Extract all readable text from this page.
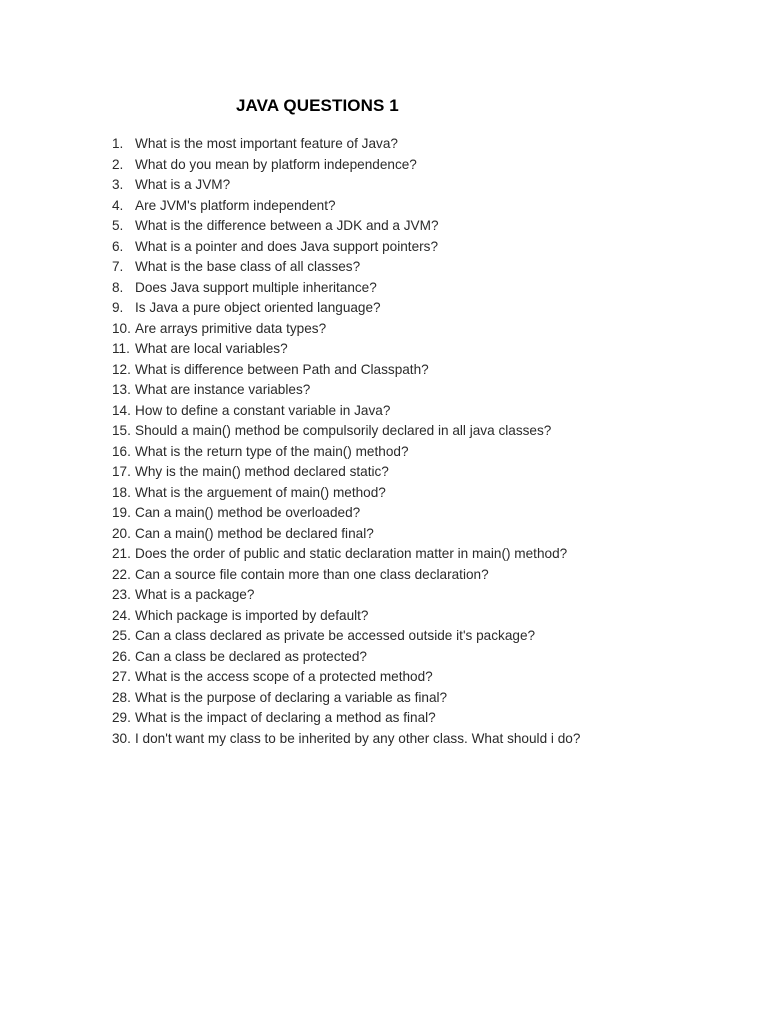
JAVA QUESTIONS 1
1. What is the most important feature of Java?
2. What do you mean by platform independence?
3. What is a JVM?
4. Are JVM's platform independent?
5. What is the difference between a JDK and a JVM?
6. What is a pointer and does Java support pointers?
7. What is the base class of all classes?
8. Does Java support multiple inheritance?
9. Is Java a pure object oriented language?
10. Are arrays primitive data types?
11. What are local variables?
12. What is difference between Path and Classpath?
13. What are instance variables?
14. How to define a constant variable in Java?
15. Should a main() method be compulsorily declared in all java classes?
16. What is the return type of the main() method?
17. Why is the main() method declared static?
18. What is the arguement of main() method?
19. Can a main() method be overloaded?
20. Can a main() method be declared final?
21. Does the order of public and static declaration matter in main() method?
22. Can a source file contain more than one class declaration?
23. What is a package?
24. Which package is imported by default?
25. Can a class declared as private be accessed outside it's package?
26. Can a class be declared as protected?
27. What is the access scope of a protected method?
28. What is the purpose of declaring a variable as final?
29. What is the impact of declaring a method as final?
30. I don't want my class to be inherited by any other class. What should i do?
